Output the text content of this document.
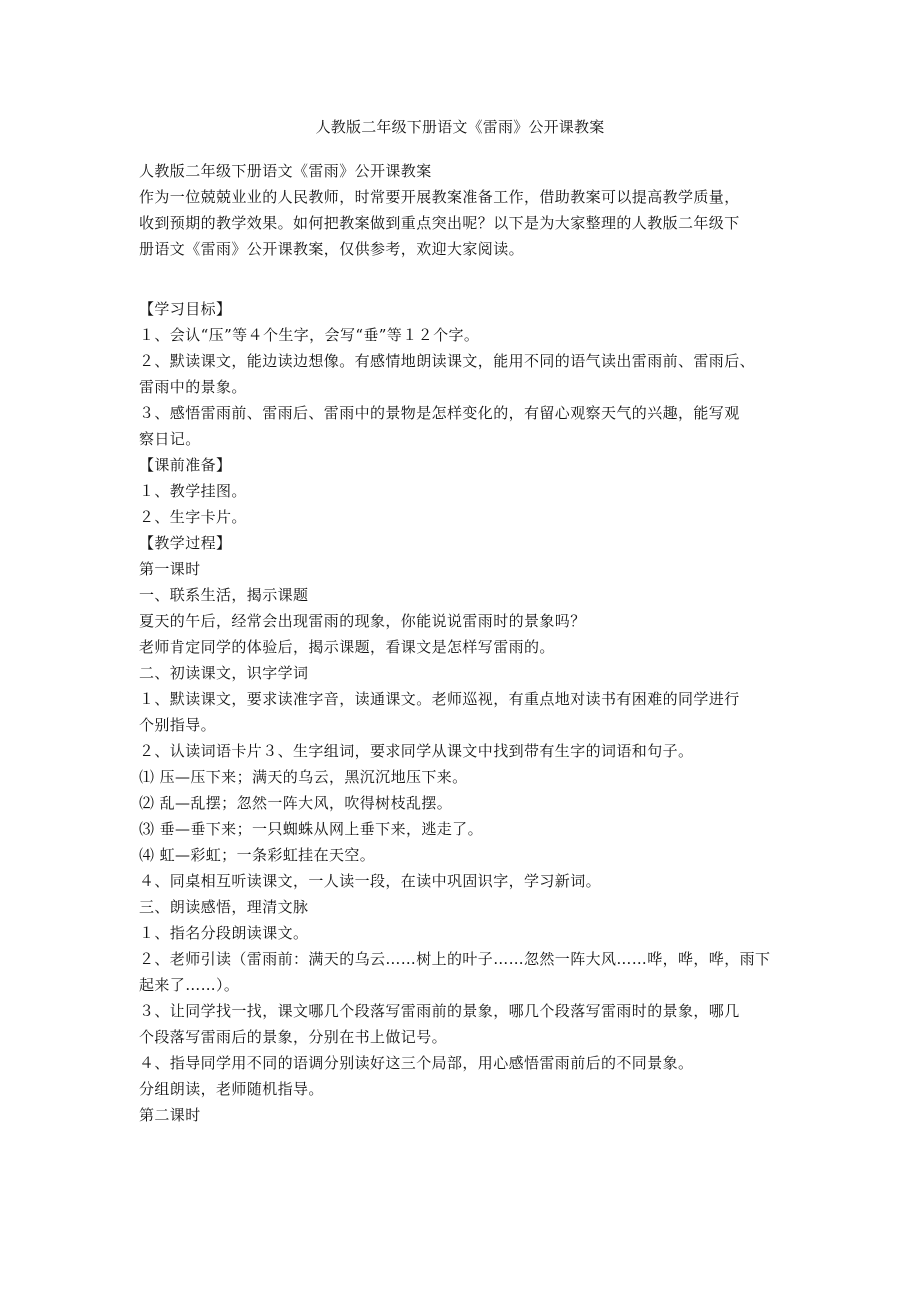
人教版二年级下册语文《雷雨》公开课教案
人教版二年级下册语文《雷雨》公开课教案
作为一位兢兢业业的人民教师，时常要开展教案准备工作，借助教案可以提高教学质量，
收到预期的教学效果。如何把教案做到重点突出呢？以下是为大家整理的人教版二年级下
册语文《雷雨》公开课教案，仅供参考，欢迎大家阅读。
【学习目标】
１、会认“压”等４个生字，会写“垂”等１２个字。
２、默读课文，能边读边想像。有感情地朗读课文，能用不同的语气读出雷雨前、雷雨后、
雷雨中的景象。
３、感悟雷雨前、雷雨后、雷雨中的景物是怎样变化的，有留心观察天气的兴趣，能写观
察日记。
【课前准备】
１、教学挂图。
２、生字卡片。
【教学过程】
第一课时
一、联系生活，揭示课题
夏天的午后，经常会出现雷雨的现象，你能说说雷雨时的景象吗？
老师肯定同学的体验后，揭示课题，看课文是怎样写雷雨的。
二、初读课文，识字学词
１、默读课文，要求读准字音，读通课文。老师巡视，有重点地对读书有困难的同学进行
个别指导。
２、认读词语卡片３、生字组词，要求同学从课文中找到带有生字的词语和句子。
⑴ 压—压下来；满天的乌云，黑沉沉地压下来。
⑵ 乱—乱摆；忽然一阵大风，吹得树枝乱摆。
⑶ 垂—垂下来；一只蜘蛛从网上垂下来，逃走了。
⑷ 虹—彩虹；一条彩虹挂在天空。
４、同桌相互听读课文，一人读一段，在读中巩固识字，学习新词。
三、朗读感悟，理清文脉
１、指名分段朗读课文。
２、老师引读（雷雨前：满天的乌云……树上的叶子……忽然一阵大风……哗，哗，哗，雨下
起来了……）。
３、让同学找一找，课文哪几个段落写雷雨前的景象，哪几个段落写雷雨时的景象，哪几
个段落写雷雨后的景象，分别在书上做记号。
４、指导同学用不同的语调分别读好这三个局部，用心感悟雷雨前后的不同景象。
分组朗读，老师随机指导。
第二课时
